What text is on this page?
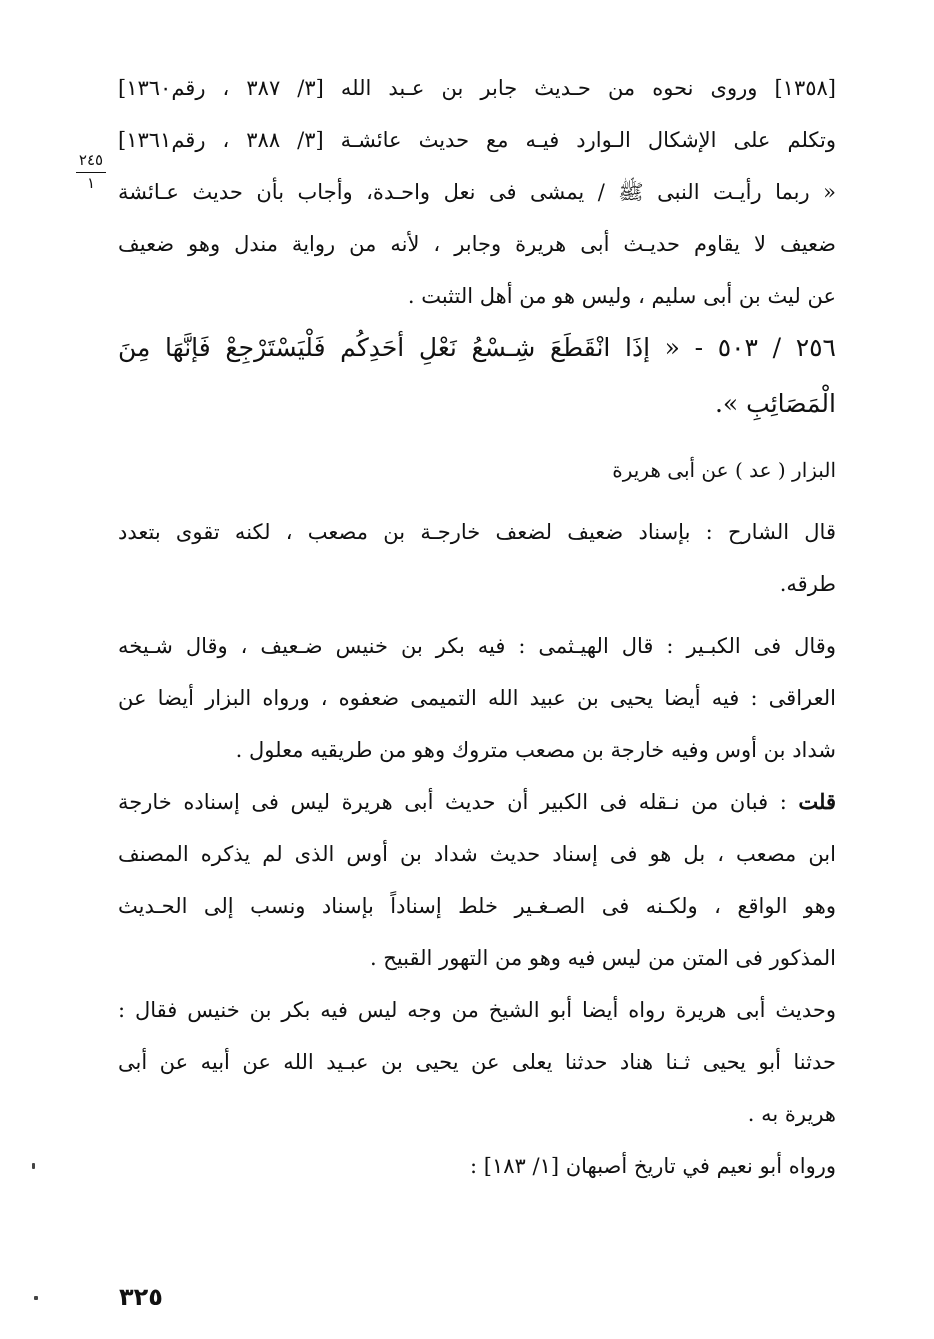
٢٤٥
١
[١٣٥٨] وروى نحوه من حـديث جابر بن عـبد الله [٣/ ٣٨٧ ، رقم١٣٦٠]
وتكلم على الإشكال الـوارد فيـه مع حديث عائشـة [٣/ ٣٨٨ ، رقم١٣٦١]
« ربما رأيـت النبى ﷺ / يمشى فى نعل واحـدة، وأجاب بأن حديث عـائشة
ضعيف لا يقاوم حديـث أبى هريرة وجابر ، لأنه من رواية مندل وهو ضعيف
عن ليث بن أبى سليم ، وليس هو من أهل التثبت .
٢٥٦ / ٥٠٣ - « إذَا انْقَطَعَ شِـسْعُ نَعْلِ أحَدِكُم فَلْيَسْتَرْجِعْ فَإنَّهَا مِنَ
الْمَصَائِبِ ».
البزار ( عد ) عن أبى هريرة
قال الشارح : بإسناد ضعيف لضعف خارجـة بن مصعب ، لكنه تقوى بتعدد
طرقه.
وقال فى الكبـير : قال الهيـثمى : فيه بكر بن خنيس ضـعيف ، وقال شـيخه
العراقى : فيه أيضا يحيى بن عبيد الله التميمى ضعفوه ، ورواه البزار أيضا عن
شداد بن أوس وفيه خارجة بن مصعب متروك وهو من طريقيه معلول .
قلت : فبان من نـقله فى الكبير أن حديث أبى هريرة ليس فى إسناده خارجة
ابن مصعب ، بل هو فى إسناد حديث شداد بن أوس الذى لم يذكره المصنف
وهو الواقع ، ولكـنه فى الصـغـير خلط إسناداً بإسناد ونسب إلى الحـديث
المذكور فى المتن من ليس فيه وهو من التهور القبيح .
وحديث أبى هريرة رواه أيضا أبو الشيخ من وجه ليس فيه بكر بن خنيس فقال :
حدثنا أبو يحيى ثـنا هناد حدثنا يعلى عن يحيى بن عبـيد الله عن أبيه عن أبى
هريرة به .
ورواه أبو نعيم في تاريخ أصبهان [١/ ١٨٣] :
٣٢٥
